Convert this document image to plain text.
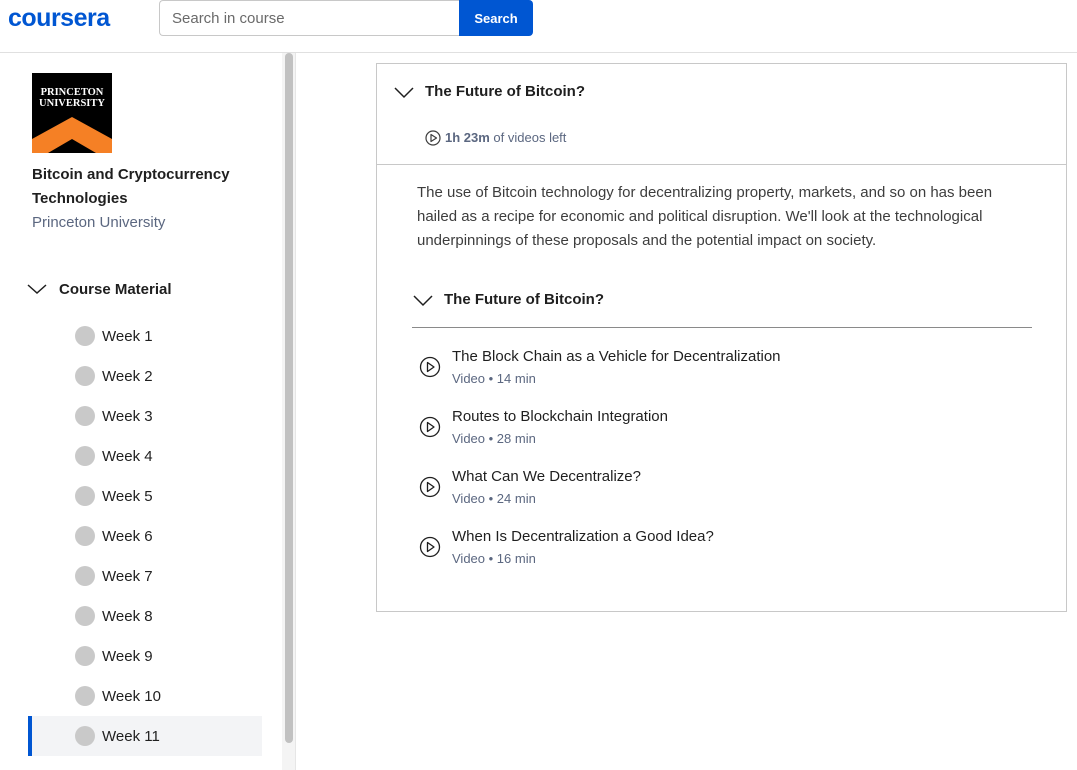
coursera
Search in course	Search
PRINCETON
UNIVERSITY
Bitcoin and Cryptocurrency Technologies
Princeton University
Course Material
Week 1
Week 2
Week 3
Week 4
Week 5
Week 6
Week 7
Week 8
Week 9
Week 10
Week 11
The Future of Bitcoin?
1h 23m of videos left
The use of Bitcoin technology for decentralizing property, markets, and so on has been hailed as a recipe for economic and political disruption. We'll look at the technological underpinnings of these proposals and the potential impact on society.
The Future of Bitcoin?
The Block Chain as a Vehicle for Decentralization
Video • 14 min
Routes to Blockchain Integration
Video • 28 min
What Can We Decentralize?
Video • 24 min
When Is Decentralization a Good Idea?
Video • 16 min
